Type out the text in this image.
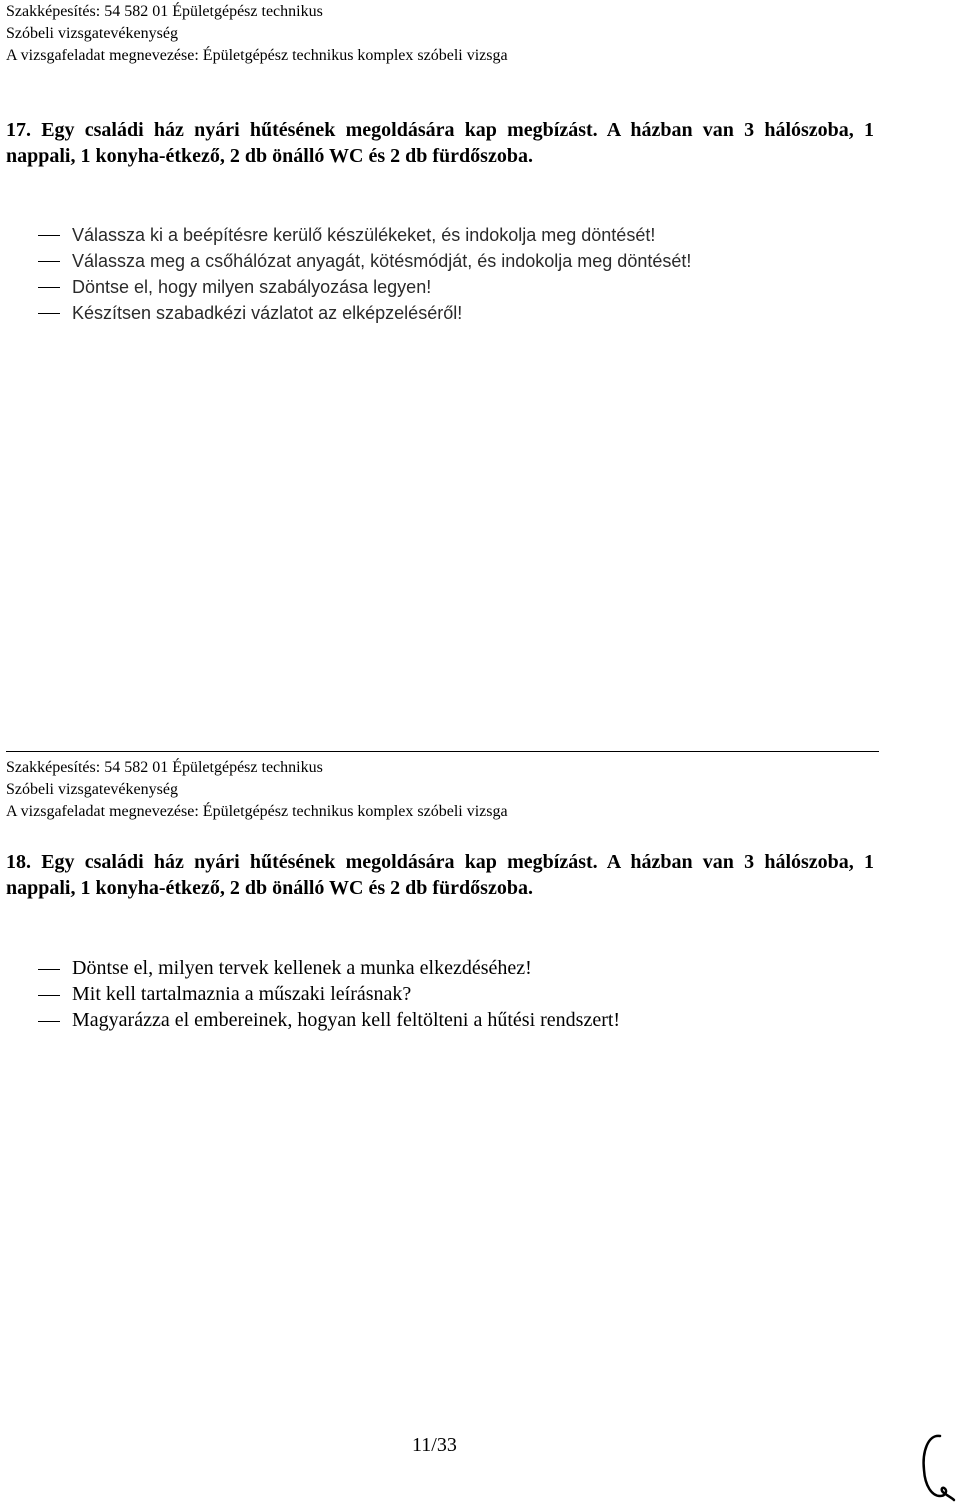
Szakképesítés: 54 582 01 Épületgépész technikus
Szóbeli vizsgatevékenység
A vizsgafeladat megnevezése: Épületgépész technikus komplex szóbeli vizsga
17. Egy családi ház nyári hűtésének megoldására kap megbízást. A házban van 3 hálószoba, 1 nappali, 1 konyha-étkező, 2 db önálló WC és 2 db fürdőszoba.
Válassza ki a beépítésre kerülő készülékeket, és indokolja meg döntését!
Válassza meg a csőhálózat anyagát, kötésmódját, és indokolja meg döntését!
Döntse el, hogy milyen szabályozása legyen!
Készítsen szabadkézi vázlatot az elképzeléséről!
Szakképesítés: 54 582 01 Épületgépész technikus
Szóbeli vizsgatevékenység
A vizsgafeladat megnevezése: Épületgépész technikus komplex szóbeli vizsga
18. Egy családi ház nyári hűtésének megoldására kap megbízást. A házban van 3 hálószoba, 1 nappali, 1 konyha-étkező, 2 db önálló WC és 2 db fürdőszoba.
Döntse el, milyen tervek kellenek a munka elkezdéséhez!
Mit kell tartalmaznia a műszaki leírásnak?
Magyarázza el embereinek, hogyan kell feltölteni a hűtési rendszert!
11/33
